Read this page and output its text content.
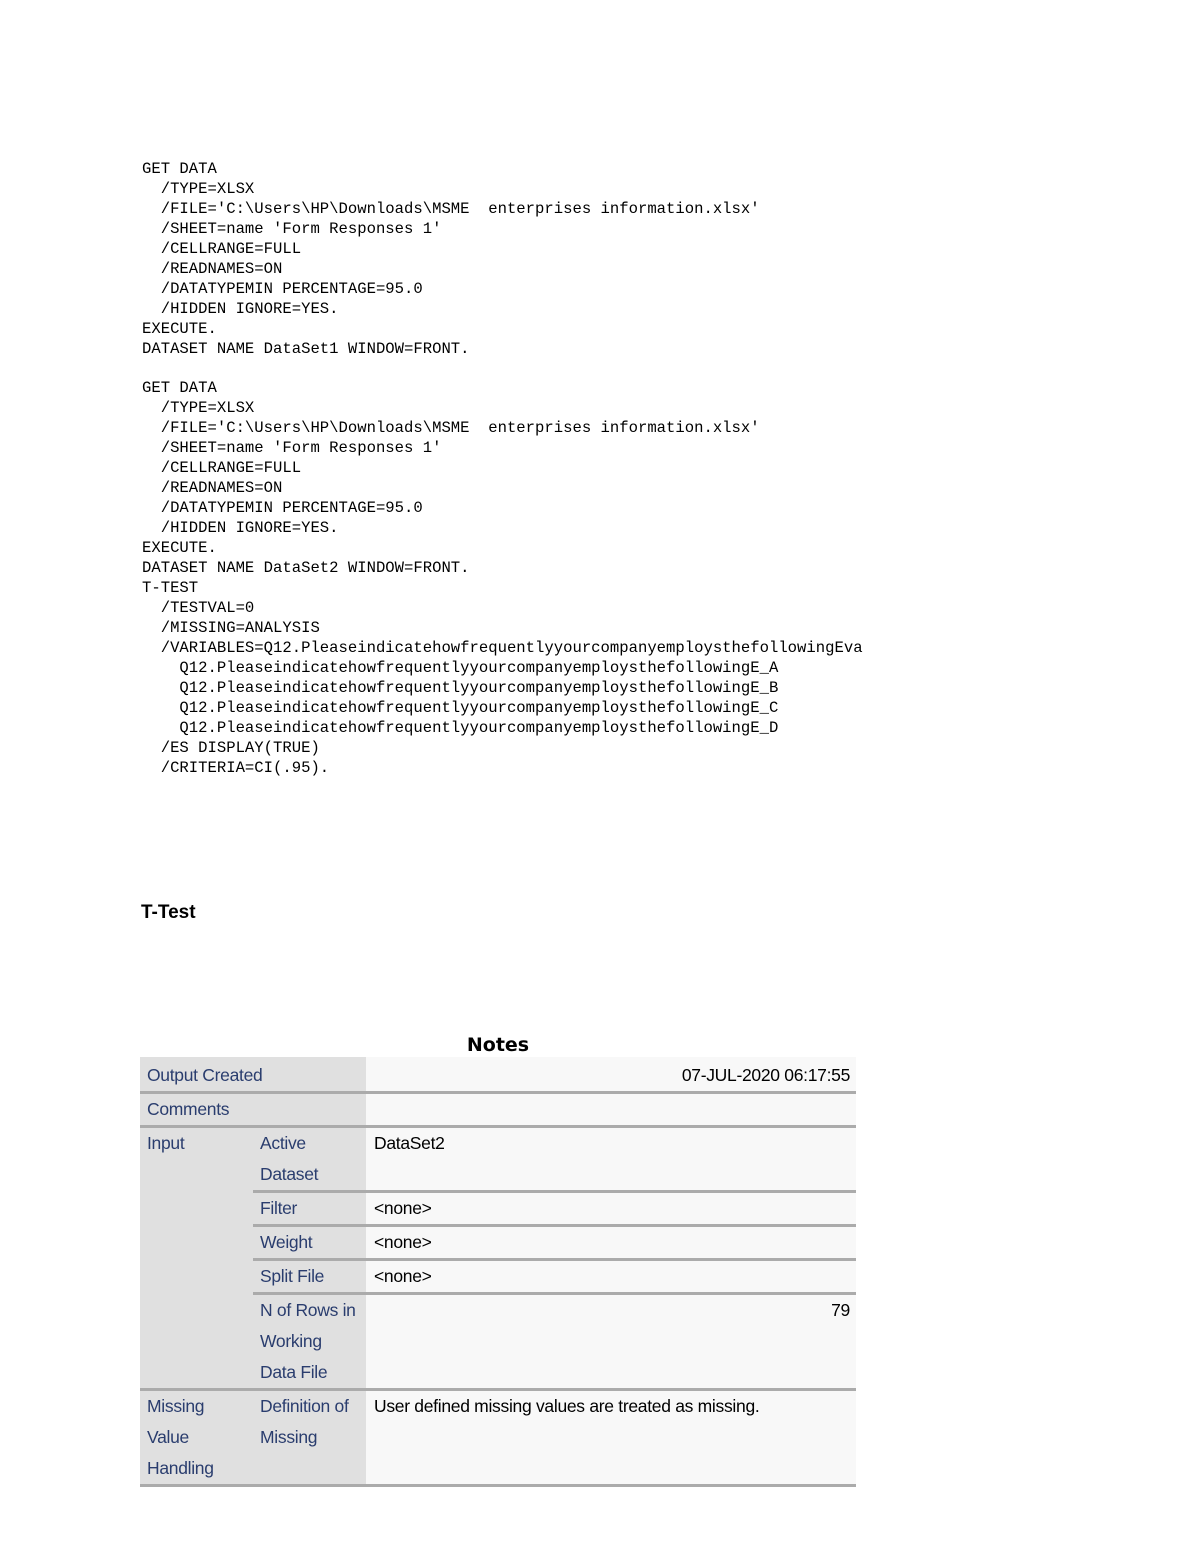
GET DATA
/TYPE=XLSX
/FILE='C:\Users\HP\Downloads\MSME  enterprises information.xlsx'
/SHEET=name 'Form Responses 1'
/CELLRANGE=FULL
/READNAMES=ON
/DATATYPEMIN PERCENTAGE=95.0
/HIDDEN IGNORE=YES.
EXECUTE.
DATASET NAME DataSet1 WINDOW=FRONT.

GET DATA
/TYPE=XLSX
/FILE='C:\Users\HP\Downloads\MSME  enterprises information.xlsx'
/SHEET=name 'Form Responses 1'
/CELLRANGE=FULL
/READNAMES=ON
/DATATYPEMIN PERCENTAGE=95.0
/HIDDEN IGNORE=YES.
EXECUTE.
DATASET NAME DataSet2 WINDOW=FRONT.
T-TEST
/TESTVAL=0
/MISSING=ANALYSIS
/VARIABLES=Q12.PleaseindicatehowfrequentlyyourcompanyemploysthefollowingEva
Q12.PleaseindicatehowfrequentlyyourcompanyemploysthefollowingE_A
Q12.PleaseindicatehowfrequentlyyourcompanyemploysthefollowingE_B
Q12.PleaseindicatehowfrequentlyyourcompanyemploysthefollowingE_C
Q12.PleaseindicatehowfrequentlyyourcompanyemploysthefollowingE_D
/ES DISPLAY(TRUE)
/CRITERIA=CI(.95).
T-Test
Notes
Output Created		07-JUL-2020 06:17:55
Comments		
Input	Active Dataset	DataSet2
	Filter	<none>
	Weight	<none>
	Split File	<none>
	N of Rows in Working Data File	79
Missing Value Handling	Definition of Missing	User defined missing values are treated as missing.
